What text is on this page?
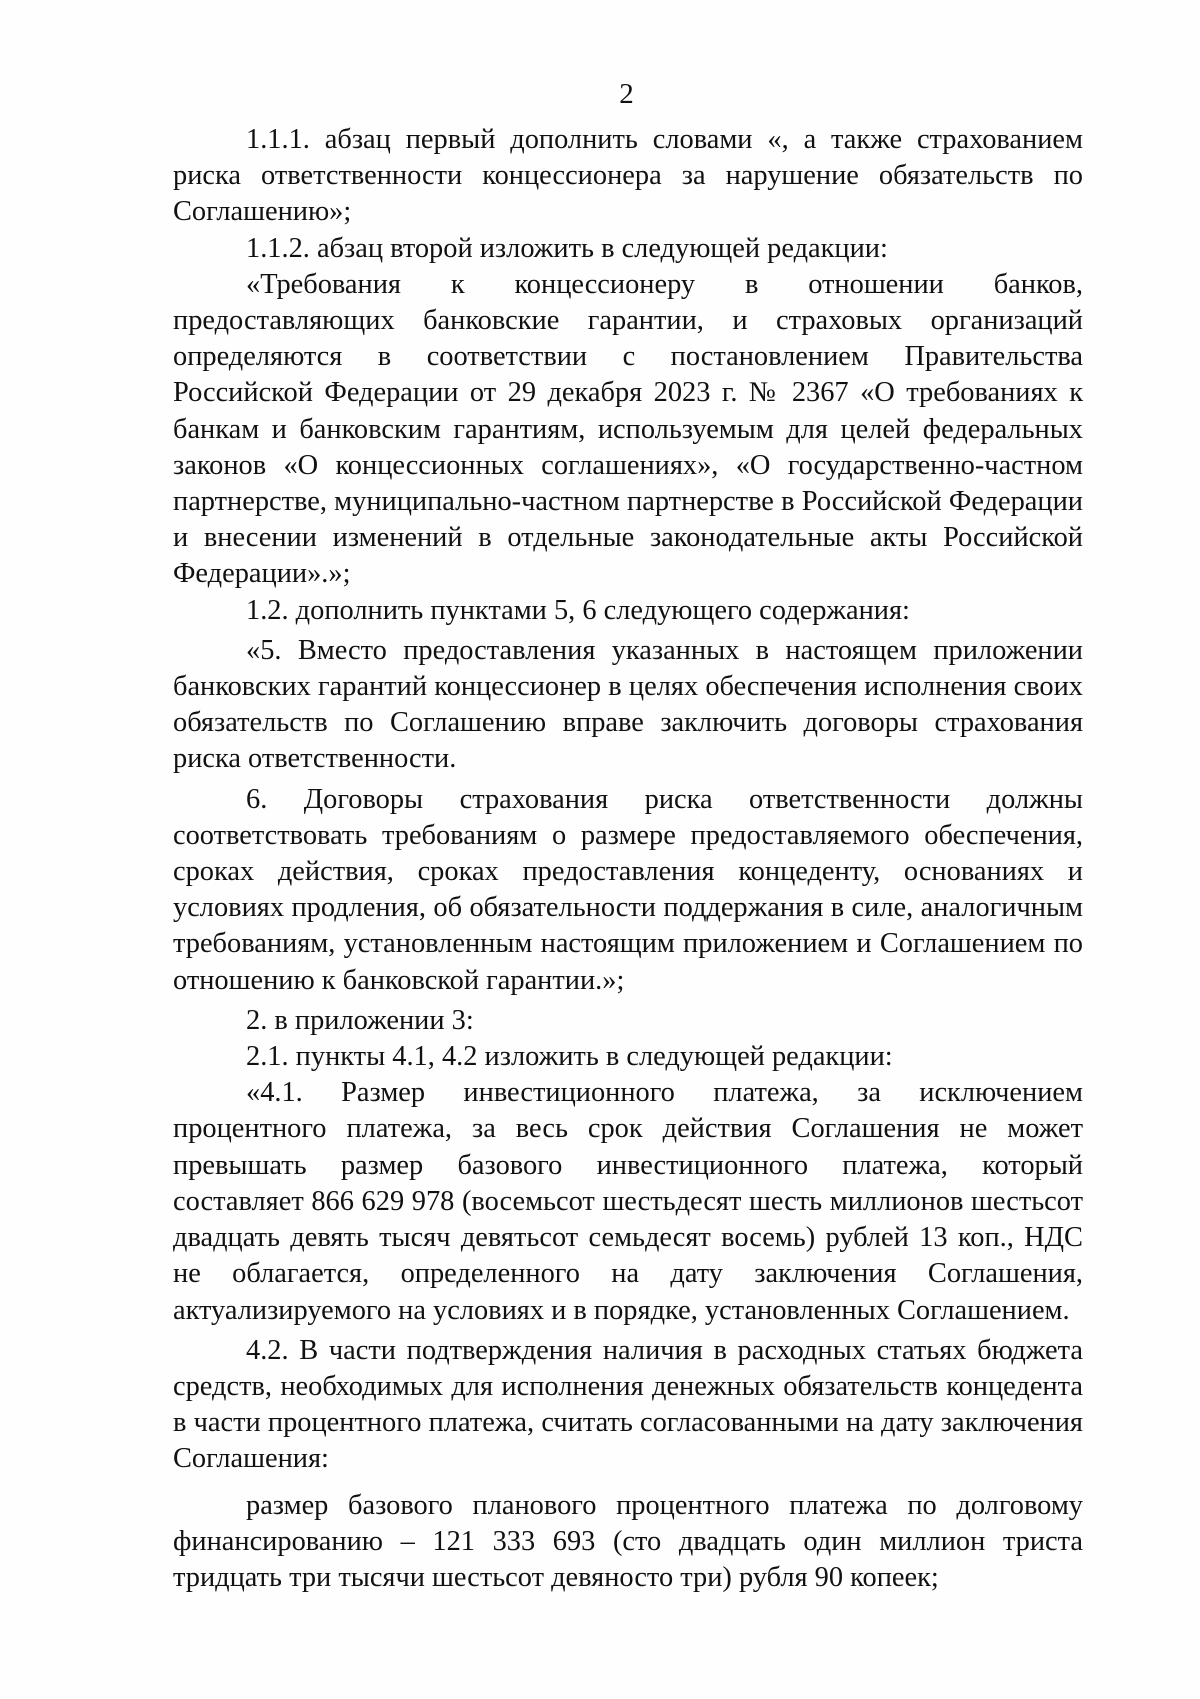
2

1.1.1. абзац первый дополнить словами «, а также страхованием риска ответственности концессионера за нарушение обязательств по Соглашению»;

1.1.2. абзац второй изложить в следующей редакции:

«Требования к концессионеру в отношении банков, предоставляющих банковские гарантии, и страховых организаций определяются в соответствии с постановлением Правительства Российской Федерации от 29 декабря 2023 г. № 2367 «О требованиях к банкам и банковским гарантиям, используемым для целей федеральных законов «О концессионных соглашениях», «О государственно-частном партнерстве, муниципально-частном партнерстве в Российской Федерации и внесении изменений в отдельные законодательные акты Российской Федерации».»;

1.2. дополнить пунктами 5, 6 следующего содержания:

«5. Вместо предоставления указанных в настоящем приложении банковских гарантий концессионер в целях обеспечения исполнения своих обязательств по Соглашению вправе заключить договоры страхования риска ответственности.

6. Договоры страхования риска ответственности должны соответствовать требованиям о размере предоставляемого обеспечения, сроках действия, сроках предоставления концеденту, основаниях и условиях продления, об обязательности поддержания в силе, аналогичным требованиям, установленным настоящим приложением и Соглашением по отношению к банковской гарантии.»;

2. в приложении 3:

2.1. пункты 4.1, 4.2 изложить в следующей редакции:

«4.1. Размер инвестиционного платежа, за исключением процентного платежа, за весь срок действия Соглашения не может превышать размер базового инвестиционного платежа, который составляет 866 629 978 (восемьсот шестьдесят шесть миллионов шестьсот двадцать девять тысяч девятьсот семьдесят восемь) рублей 13 коп., НДС не облагается, определенного на дату заключения Соглашения, актуализируемого на условиях и в порядке, установленных Соглашением.

4.2. В части подтверждения наличия в расходных статьях бюджета средств, необходимых для исполнения денежных обязательств концедента в части процентного платежа, считать согласованными на дату заключения Соглашения:

размер базового планового процентного платежа по долговому финансированию – 121 333 693 (сто двадцать один миллион триста тридцать три тысячи шестьсот девяносто три) рубля 90 копеек;
